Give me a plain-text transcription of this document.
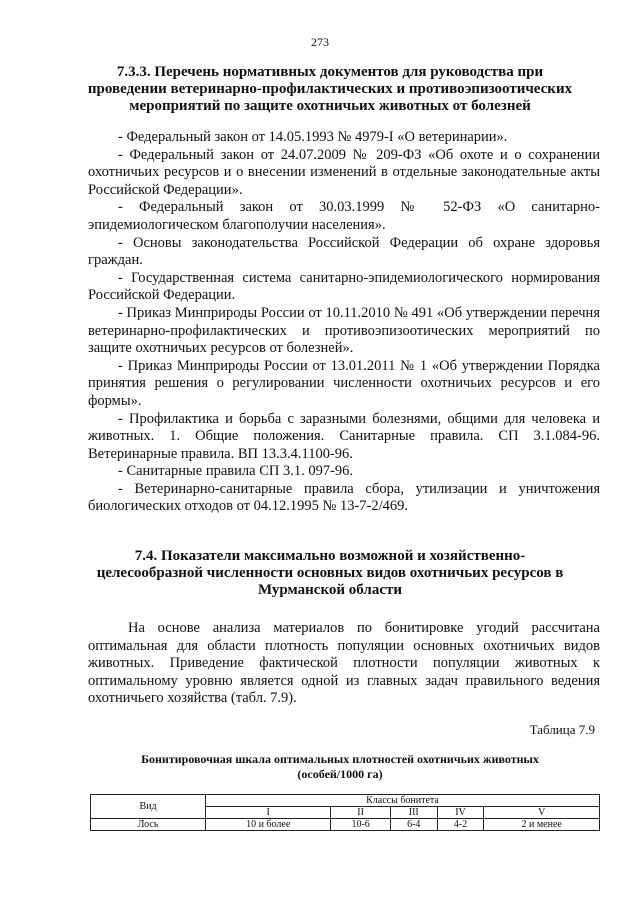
273
7.3.3. Перечень нормативных документов для руководства при
проведении ветеринарно-профилактических и противоэпизоотических
мероприятий по защите охотничьих животных от болезней

- Федеральный закон от 14.05.1993 № 4979-I «О ветеринарии».

- Федеральный закон от 24.07.2009 № 209-ФЗ «Об охоте и о сохранении охотничьих ресурсов и о внесении изменений в отдельные законодательные акты Российской Федерации».

- Федеральный закон от 30.03.1999 № 52-ФЗ «О санитарно-эпидемиологическом благополучии населения».

- Основы законодательства Российской Федерации об охране здоровья граждан.

- Государственная система санитарно-эпидемиологического нормирования Российской Федерации.

- Приказ Минприроды России от 10.11.2010 № 491 «Об утверждении перечня ветеринарно-профилактических и противоэпизоотических мероприятий по защите охотничьих ресурсов от болезней».

- Приказ Минприроды России от 13.01.2011 № 1 «Об утверждении Порядка принятия решения о регулировании численности охотничьих ресурсов и его формы».

- Профилактика и борьба с заразными болезнями, общими для человека и животных. 1. Общие положения. Санитарные правила. СП 3.1.084-96. Ветеринарные правила. ВП 13.3.4.1100-96.

- Санитарные правила СП 3.1. 097-96.

- Ветеринарно-санитарные правила сбора, утилизации и уничтожения биологических отходов от 04.12.1995 № 13-7-2/469.

7.4. Показатели максимально возможной и хозяйственно-
целесообразной численности основных видов охотничьих ресурсов в
Мурманской области

На основе анализа материалов по бонитировке угодий рассчитана оптимальная для области плотность популяции основных охотничьих видов животных. Приведение фактической плотности популяции животных к оптимальному уровню является одной из главных задач правильного ведения охотничьего хозяйства (табл. 7.9).

Таблица 7.9
Бонитировочная шкала оптимальных плотностей охотничьих животных
(особей/1000 га)
Вид	Классы бонитета				
	I	II	III	IV	V
Лось	10 и более	10-6	6-4	4-2	2 и менее
